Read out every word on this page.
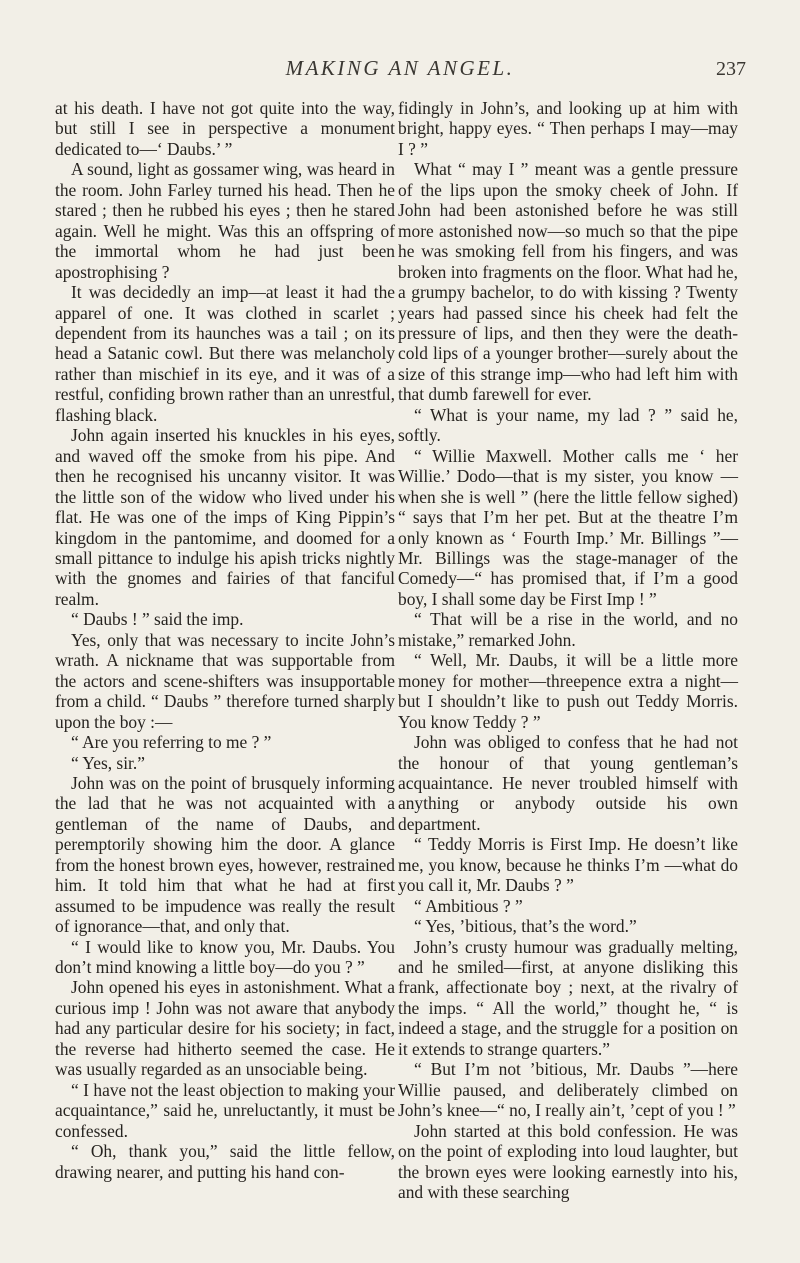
MAKING AN ANGEL.	237

at his death. I have not got quite into the way, but still I see in perspective a monument dedicated to—‘ Daubs.’ ”

A sound, light as gossamer wing, was heard in the room. John Farley turned his head. Then he stared ; then he rubbed his eyes ; then he stared again. Well he might. Was this an offspring of the immortal whom he had just been apostrophising ?

It was decidedly an imp—at least it had the apparel of one. It was clothed in scarlet ; dependent from its haunches was a tail ; on its head a Satanic cowl. But there was melancholy rather than mischief in its eye, and it was of a restful, confiding brown rather than an unrestful, flashing black.

John again inserted his knuckles in his eyes, and waved off the smoke from his pipe. And then he recognised his uncanny visitor. It was the little son of the widow who lived under his flat. He was one of the imps of King Pippin’s kingdom in the pantomime, and doomed for a small pittance to indulge his apish tricks nightly with the gnomes and fairies of that fanciful realm.

“ Daubs ! ” said the imp.

Yes, only that was necessary to incite John’s wrath. A nickname that was supportable from the actors and scene-shifters was insupportable from a child. “ Daubs ” therefore turned sharply upon the boy :—

“ Are you referring to me ? ”

“ Yes, sir.”

John was on the point of brusquely informing the lad that he was not acquainted with a gentleman of the name of Daubs, and peremptorily showing him the door. A glance from the honest brown eyes, however, restrained him. It told him that what he had at first assumed to be impudence was really the result of ignorance—that, and only that.

“ I would like to know you, Mr. Daubs. You don’t mind knowing a little boy—do you ? ”

John opened his eyes in astonishment. What a curious imp ! John was not aware that anybody had any particular desire for his society; in fact, the reverse had hitherto seemed the case. He was usually regarded as an unsociable being.

“ I have not the least objection to making your acquaintance,” said he, unreluctantly, it must be confessed.

“ Oh, thank you,” said the little fellow, drawing nearer, and putting his hand con-

fidingly in John’s, and looking up at him with bright, happy eyes. “ Then perhaps I may—may I ? ”

What “ may I ” meant was a gentle pressure of the lips upon the smoky cheek of John. If John had been astonished before he was still more astonished now—so much so that the pipe he was smoking fell from his fingers, and was broken into fragments on the floor. What had he, a grumpy bachelor, to do with kissing ? Twenty years had passed since his cheek had felt the pressure of lips, and then they were the death-cold lips of a younger brother—surely about the size of this strange imp—who had left him with that dumb farewell for ever.

“ What is your name, my lad ? ” said he, softly.

“ Willie Maxwell. Mother calls me ‘ her Willie.’ Dodo—that is my sister, you know —when she is well ” (here the little fellow sighed) “ says that I’m her pet. But at the theatre I’m only known as ‘ Fourth Imp.’ Mr. Billings ”—Mr. Billings was the stage-manager of the Comedy—“ has promised that, if I’m a good boy, I shall some day be First Imp ! ”

“ That will be a rise in the world, and no mistake,” remarked John.

“ Well, Mr. Daubs, it will be a little more money for mother—threepence extra a night—but I shouldn’t like to push out Teddy Morris. You know Teddy ? ”

John was obliged to confess that he had not the honour of that young gentleman’s acquaintance. He never troubled himself with anything or anybody outside his own department.

“ Teddy Morris is First Imp. He doesn’t like me, you know, because he thinks I’m —what do you call it, Mr. Daubs ? ”

“ Ambitious ? ”

“ Yes, ’bitious, that’s the word.”

John’s crusty humour was gradually melting, and he smiled—first, at anyone disliking this frank, affectionate boy ; next, at the rivalry of the imps. “ All the world,” thought he, “ is indeed a stage, and the struggle for a position on it extends to strange quarters.”

“ But I’m not ’bitious, Mr. Daubs ”—here Willie paused, and deliberately climbed on John’s knee—“ no, I really ain’t, ’cept of you ! ”

John started at this bold confession. He was on the point of exploding into loud laughter, but the brown eyes were looking earnestly into his, and with these searching
